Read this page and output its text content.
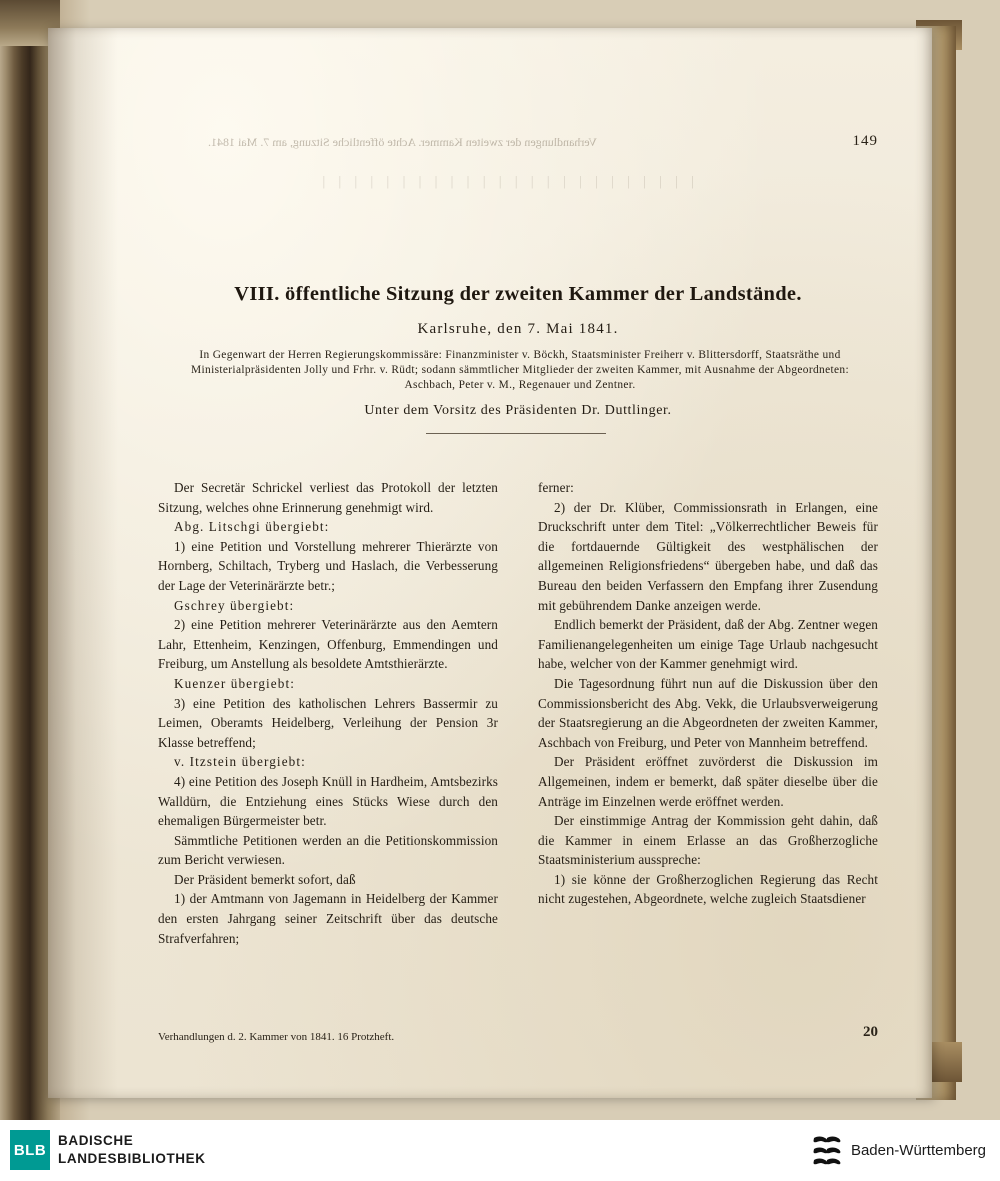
｜ ｜ ｜ ｜ ｜ ｜ ｜ ｜ ｜ ｜ ｜ ｜ ｜ ｜ ｜ ｜ ｜ ｜ ｜ ｜ ｜ ｜ ｜ ｜
Verhandlungen der zweiten Kammer. Achte öffentliche Sitzung, am 7. Mai 1841.	149
VIII. öffentliche Sitzung der zweiten Kammer der Landstände.
Karlsruhe, den 7. Mai 1841.
In Gegenwart der Herren Regierungskommissäre: Finanzminister v. Böckh, Staatsminister Freiherr v. Blittersdorff, Staatsräthe und Ministerialpräsidenten Jolly und Frhr. v. Rüdt; sodann sämmtlicher Mitglieder der zweiten Kammer, mit Ausnahme der Abgeordneten: Aschbach, Peter v. M., Regenauer und Zentner.
Unter dem Vorsitz des Präsidenten Dr. Duttlinger.

Der Secretär Schrickel verliest das Protokoll der letzten Sitzung, welches ohne Erinnerung genehmigt wird.

Abg. Litschgi übergiebt:

1) eine Petition und Vorstellung mehrerer Thierärzte von Hornberg, Schiltach, Tryberg und Haslach, die Verbesserung der Lage der Veterinärärzte betr.;

Gschrey übergiebt:

2) eine Petition mehrerer Veterinärärzte aus den Aemtern Lahr, Ettenheim, Kenzingen, Offenburg, Emmendingen und Freiburg, um Anstellung als besoldete Amtsthierärzte.

Kuenzer übergiebt:

3) eine Petition des katholischen Lehrers Bassermir zu Leimen, Oberamts Heidelberg, Verleihung der Pension 3r Klasse betreffend;

v. Itzstein übergiebt:

4) eine Petition des Joseph Knüll in Hardheim, Amtsbezirks Walldürn, die Entziehung eines Stücks Wiese durch den ehemaligen Bürgermeister betr.

Sämmtliche Petitionen werden an die Petitionskommission zum Bericht verwiesen.

Der Präsident bemerkt sofort, daß

1) der Amtmann von Jagemann in Heidelberg der Kammer den ersten Jahrgang seiner Zeitschrift über das deutsche Strafverfahren;

ferner:

2) der Dr. Klüber, Commissionsrath in Erlangen, eine Druckschrift unter dem Titel: „Völkerrechtlicher Beweis für die fortdauernde Gültigkeit des westphälischen der allgemeinen Religionsfriedens“ übergeben habe, und daß das Bureau den beiden Verfassern den Empfang ihrer Zusendung mit gebührendem Danke anzeigen werde.

Endlich bemerkt der Präsident, daß der Abg. Zentner wegen Familienangelegenheiten um einige Tage Urlaub nachgesucht habe, welcher von der Kammer genehmigt wird.

Die Tagesordnung führt nun auf die Diskussion über den Commissionsbericht des Abg. Vekk, die Urlaubsverweigerung der Staatsregierung an die Abgeordneten der zweiten Kammer, Aschbach von Freiburg, und Peter von Mannheim betreffend.

Der Präsident eröffnet zuvörderst die Diskussion im Allgemeinen, indem er bemerkt, daß später dieselbe über die Anträge im Einzelnen werde eröffnet werden.

Der einstimmige Antrag der Kommission geht dahin, daß die Kammer in einem Erlasse an das Großherzogliche Staatsministerium ausspreche:

1) sie könne der Großherzoglichen Regierung das Recht nicht zugestehen, Abgeordnete, welche zugleich Staatsdiener

Verhandlungen d. 2. Kammer von 1841. 16 Protzheft.	20
BLB
BADISCHE
LANDESBIBLIOTHEK	Baden-Württemberg
